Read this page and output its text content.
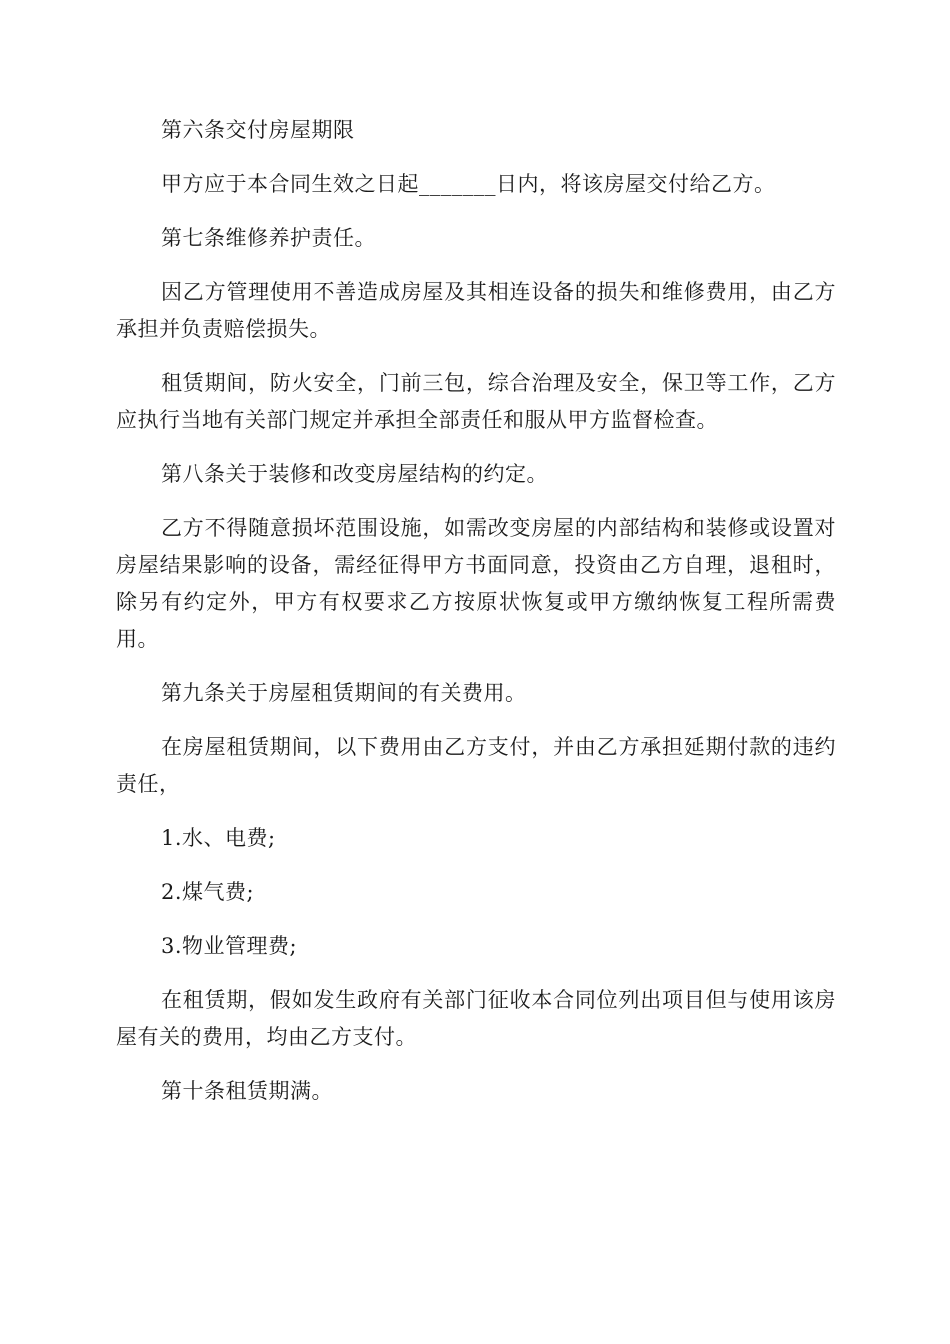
第六条交付房屋期限

甲方应于本合同生效之日起_______日内，将该房屋交付给乙方。

第七条维修养护责任。

因乙方管理使用不善造成房屋及其相连设备的损失和维修费用，由乙方承担并负责赔偿损失。

租赁期间，防火安全，门前三包，综合治理及安全，保卫等工作，乙方应执行当地有关部门规定并承担全部责任和服从甲方监督检查。

第八条关于装修和改变房屋结构的约定。

乙方不得随意损坏范围设施，如需改变房屋的内部结构和装修或设置对房屋结果影响的设备，需经征得甲方书面同意，投资由乙方自理，退租时，除另有约定外，甲方有权要求乙方按原状恢复或甲方缴纳恢复工程所需费用。

第九条关于房屋租赁期间的有关费用。

在房屋租赁期间，以下费用由乙方支付，并由乙方承担延期付款的违约责任，

1.水、电费;

2.煤气费;

3.物业管理费;

在租赁期，假如发生政府有关部门征收本合同位列出项目但与使用该房屋有关的费用，均由乙方支付。

第十条租赁期满。
